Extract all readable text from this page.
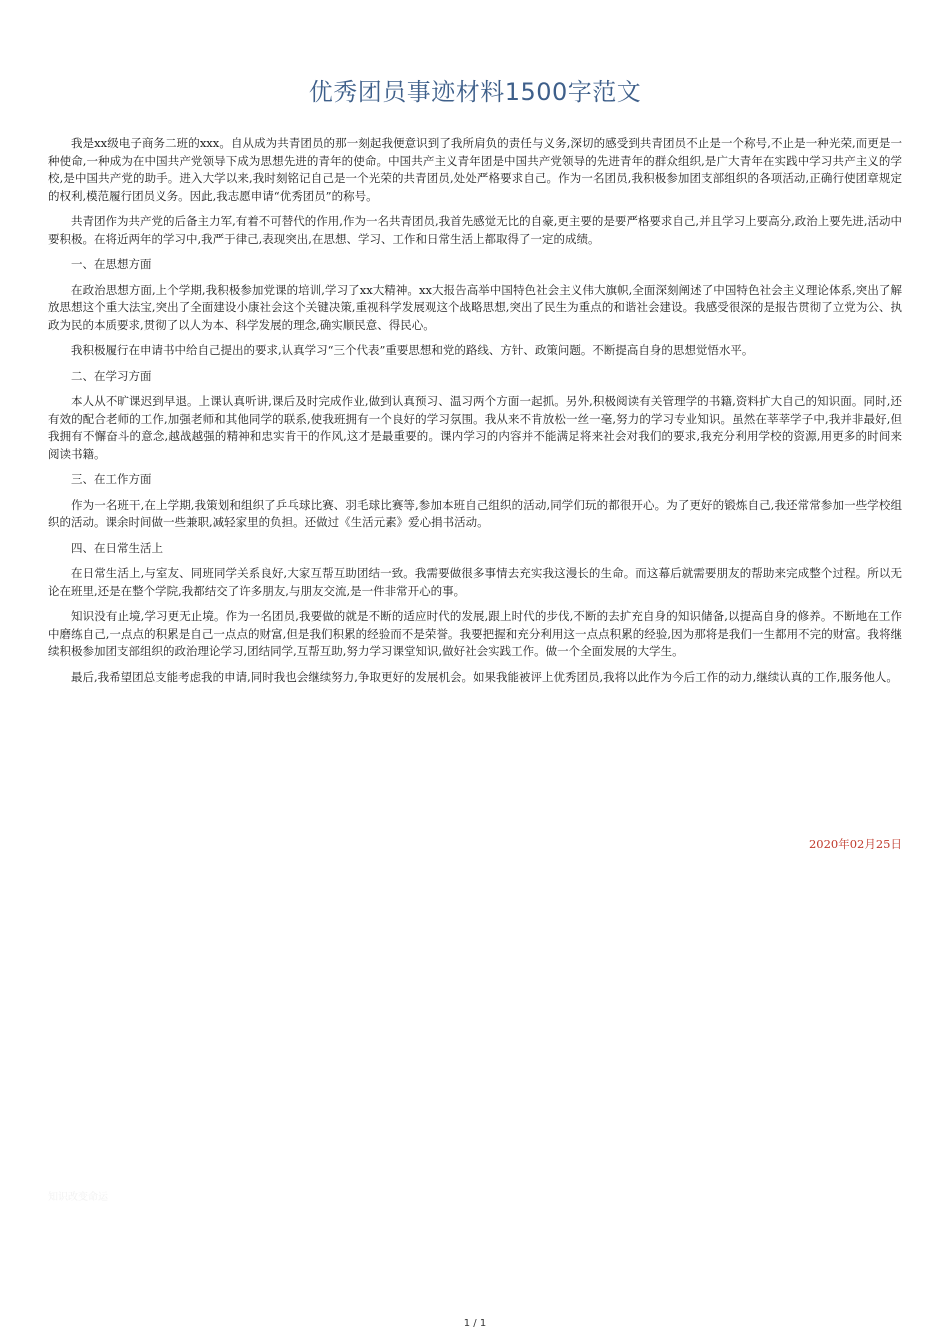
优秀团员事迹材料1500字范文

我是xx级电子商务二班的xxx。自从成为共青团员的那一刻起我便意识到了我所肩负的责任与义务,深切的感受到共青团员不止是一个称号,不止是一种光荣,而更是一种使命,一种成为在中国共产党领导下成为思想先进的青年的使命。中国共产主义青年团是中国共产党领导的先进青年的群众组织,是广大青年在实践中学习共产主义的学校,是中国共产党的助手。进入大学以来,我时刻铭记自己是一个光荣的共青团员,处处严格要求自己。作为一名团员,我积极参加团支部组织的各项活动,正确行使团章规定的权利,模范履行团员义务。因此,我志愿申请“优秀团员”的称号。

共青团作为共产党的后备主力军,有着不可替代的作用,作为一名共青团员,我首先感觉无比的自豪,更主要的是要严格要求自己,并且学习上要高分,政治上要先进,活动中要积极。在将近两年的学习中,我严于律己,表现突出,在思想、学习、工作和日常生活上都取得了一定的成绩。

一、在思想方面

在政治思想方面,上个学期,我积极参加党课的培训,学习了xx大精神。xx大报告高举中国特色社会主义伟大旗帜,全面深刻阐述了中国特色社会主义理论体系,突出了解放思想这个重大法宝,突出了全面建设小康社会这个关键决策,重视科学发展观这个战略思想,突出了民生为重点的和谐社会建设。我感受很深的是报告贯彻了立党为公、执政为民的本质要求,贯彻了以人为本、科学发展的理念,确实顺民意、得民心。

我积极履行在申请书中给自己提出的要求,认真学习“三个代表”重要思想和党的路线、方针、政策问题。不断提高自身的思想觉悟水平。

二、在学习方面

本人从不旷课迟到早退。上课认真听讲,课后及时完成作业,做到认真预习、温习两个方面一起抓。另外,积极阅读有关管理学的书籍,资料扩大自己的知识面。同时,还有效的配合老师的工作,加强老师和其他同学的联系,使我班拥有一个良好的学习氛围。我从来不肯放松一丝一毫,努力的学习专业知识。虽然在莘莘学子中,我并非最好,但我拥有不懈奋斗的意念,越战越强的精神和忠实肯干的作风,这才是最重要的。课内学习的内容并不能满足将来社会对我们的要求,我充分利用学校的资源,用更多的时间来阅读书籍。

三、在工作方面

作为一名班干,在上学期,我策划和组织了乒乓球比赛、羽毛球比赛等,参加本班自己组织的活动,同学们玩的都很开心。为了更好的锻炼自己,我还常常参加一些学校组织的活动。课余时间做一些兼职,减轻家里的负担。还做过《生活元素》爱心捐书活动。

四、在日常生活上

在日常生活上,与室友、同班同学关系良好,大家互帮互助团结一致。我需要做很多事情去充实我这漫长的生命。而这幕后就需要朋友的帮助来完成整个过程。所以无论在班里,还是在整个学院,我都结交了许多朋友,与朋友交流,是一件非常开心的事。

知识没有止境,学习更无止境。作为一名团员,我要做的就是不断的适应时代的发展,跟上时代的步伐,不断的去扩充自身的知识储备,以提高自身的修养。不断地在工作中磨练自己,一点点的积累是自己一点点的财富,但是我们积累的经验而不是荣誉。我要把握和充分利用这一点点积累的经验,因为那将是我们一生都用不完的财富。我将继续积极参加团支部组织的政治理论学习,团结同学,互帮互助,努力学习课堂知识,做好社会实践工作。做一个全面发展的大学生。

最后,我希望团总支能考虑我的申请,同时我也会继续努力,争取更好的发展机会。如果我能被评上优秀团员,我将以此作为今后工作的动力,继续认真的工作,服务他人。

2020年02月25日
知识改变命运
1 / 1
